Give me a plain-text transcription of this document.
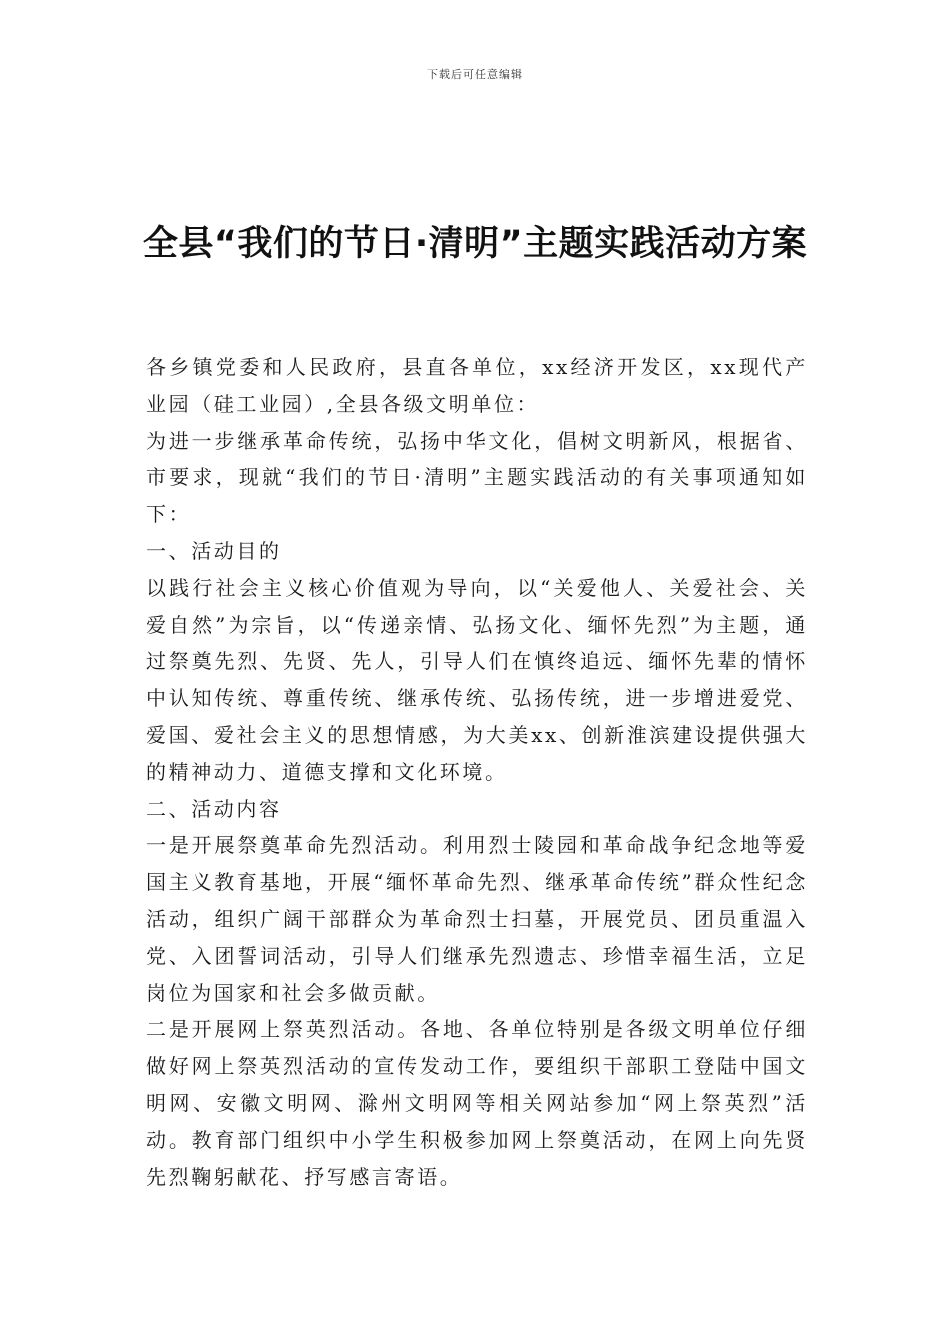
下载后可任意编辑
全县“我们的节日·清明”主题实践活动方案

各乡镇党委和人民政府，县直各单位，xx经济开发区，xx现代产业园（硅工业园）,全县各级文明单位：

为进一步继承革命传统，弘扬中华文化，倡树文明新风，根据省、市要求，现就“我们的节日·清明”主题实践活动的有关事项通知如下：

一、活动目的

以践行社会主义核心价值观为导向，以“关爱他人、关爱社会、关爱自然”为宗旨，以“传递亲情、弘扬文化、缅怀先烈”为主题，通过祭奠先烈、先贤、先人，引导人们在慎终追远、缅怀先辈的情怀中认知传统、尊重传统、继承传统、弘扬传统，进一步增进爱党、爱国、爱社会主义的思想情感，为大美xx、创新淮滨建设提供强大的精神动力、道德支撑和文化环境。

二、活动内容

一是开展祭奠革命先烈活动。利用烈士陵园和革命战争纪念地等爱国主义教育基地，开展“缅怀革命先烈、继承革命传统”群众性纪念活动，组织广阔干部群众为革命烈士扫墓，开展党员、团员重温入党、入团誓词活动，引导人们继承先烈遗志、珍惜幸福生活，立足岗位为国家和社会多做贡献。

二是开展网上祭英烈活动。各地、各单位特别是各级文明单位仔细做好网上祭英烈活动的宣传发动工作，要组织干部职工登陆中国文明网、安徽文明网、滁州文明网等相关网站参加“网上祭英烈”活动。教育部门组织中小学生积极参加网上祭奠活动，在网上向先贤先烈鞠躬献花、抒写感言寄语。
